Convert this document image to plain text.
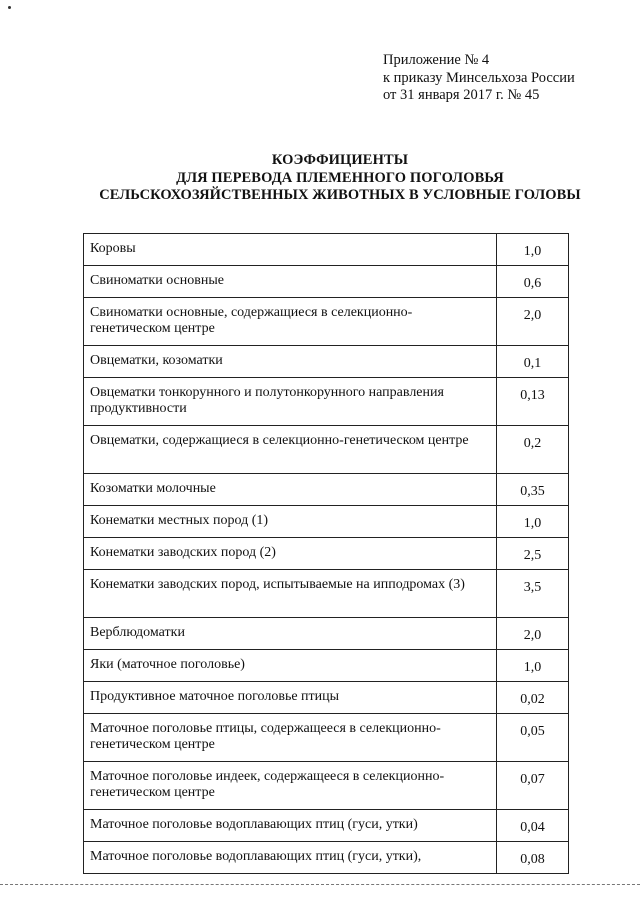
Приложение № 4
к приказу Минсельхоза России
от 31 января 2017 г. № 45
КОЭФФИЦИЕНТЫ
ДЛЯ ПЕРЕВОДА ПЛЕМЕННОГО ПОГОЛОВЬЯ
СЕЛЬСКОХОЗЯЙСТВЕННЫХ ЖИВОТНЫХ В УСЛОВНЫЕ ГОЛОВЫ
Коровы	1,0
Свиноматки основные	0,6
Свиноматки основные, содержащиеся в селекционно-генетическом центре	2,0
Овцематки, козоматки	0,1
Овцематки тонкорунного и полутонкорунного направления продуктивности	0,13
Овцематки, содержащиеся в селекционно-генетическом центре	0,2
Козоматки молочные	0,35
Конематки местных пород (1)	1,0
Конематки заводских пород (2)	2,5
Конематки заводских пород, испытываемые на ипподромах (3)	3,5
Верблюдоматки	2,0
Яки (маточное поголовье)	1,0
Продуктивное маточное поголовье птицы	0,02
Маточное поголовье птицы, содержащееся в селекционно-генетическом центре	0,05
Маточное поголовье индеек, содержащееся в селекционно-генетическом центре	0,07
Маточное поголовье водоплавающих птиц (гуси, утки)	0,04
Маточное поголовье водоплавающих птиц (гуси, утки),	0,08
